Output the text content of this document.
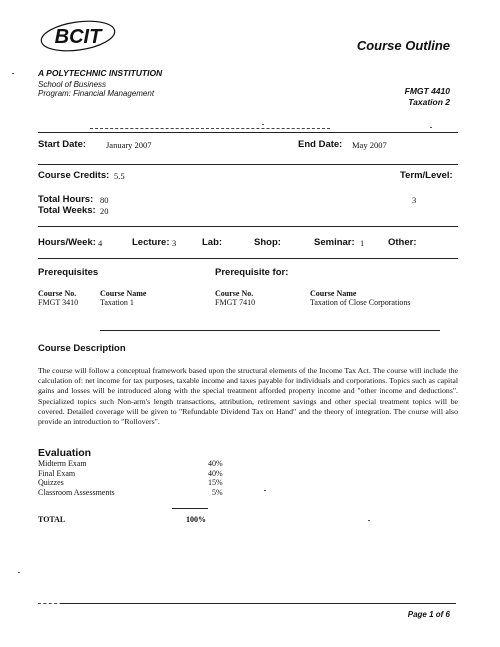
BCIT	Course Outline
A POLYTECHNIC INSTITUTION
School of Business
Program: Financial Management	FMGT 4410
Taxation 2
Start Date: January 2007	End Date: May 2007
Course Credits: 5.5	Term/Level:
Total Hours: 80	3
Total Weeks: 20
Hours/Week: 4	Lecture: 3	Lab:	Shop:	Seminar: 1	Other:
Prerequisites	Prerequisite for:
Course No.	Course Name	Course No.	Course Name
FMGT 3410	Taxation 1	FMGT 7410	Taxation of Close Corporations
Course Description
The course will follow a conceptual framework based upon the structural elements of the Income Tax Act. The course will include the calculation of: net income for tax purposes, taxable income and taxes payable for individuals and corporations. Topics such as capital gains and losses will be introduced along with the special treatment afforded property income and "other income and deductions". Specialized topics such Non-arm's length transactions, attribution, retirement savings and other special treatment topics will be covered. Detailed coverage will be given to "Refundable Dividend Tax on Hand" and the theory of integration. The course will also provide an introduction to "Rollovers".
Evaluation
Midterm Exam	40%
Final Exam	40%
Quizzes	15%
Classroom Assessments	5%
TOTAL	100%
Page 1 of 6
